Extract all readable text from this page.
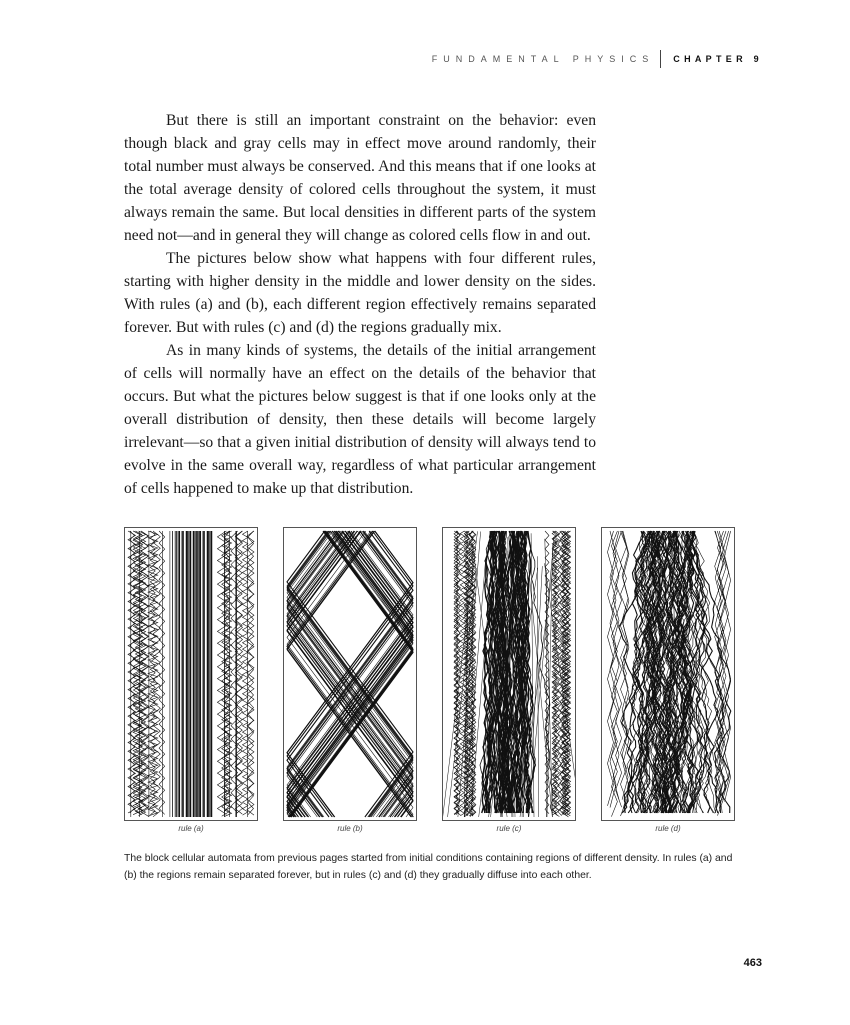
FUNDAMENTAL PHYSICS CHAPTER 9

But there is still an important constraint on the behavior: even though black and gray cells may in effect move around randomly, their total number must always be conserved. And this means that if one looks at the total average density of colored cells throughout the system, it must always remain the same. But local densities in different parts of the system need not—and in general they will change as colored cells flow in and out.

The pictures below show what happens with four different rules, starting with higher density in the middle and lower density on the sides. With rules (a) and (b), each different region effectively remains separated forever. But with rules (c) and (d) the regions gradually mix.

As in many kinds of systems, the details of the initial arrangement of cells will normally have an effect on the details of the behavior that occurs. But what the pictures below suggest is that if one looks only at the overall distribution of density, then these details will become largely irrelevant—so that a given initial distribution of density will always tend to evolve in the same overall way, regardless of what particular arrangement of cells happened to make up that distribution.

rule (a)	rule (b)	rule (c)	rule (d)

The block cellular automata from previous pages started from initial conditions containing regions of different density. In rules (a) and (b) the regions remain separated forever, but in rules (c) and (d) they gradually diffuse into each other.

463
